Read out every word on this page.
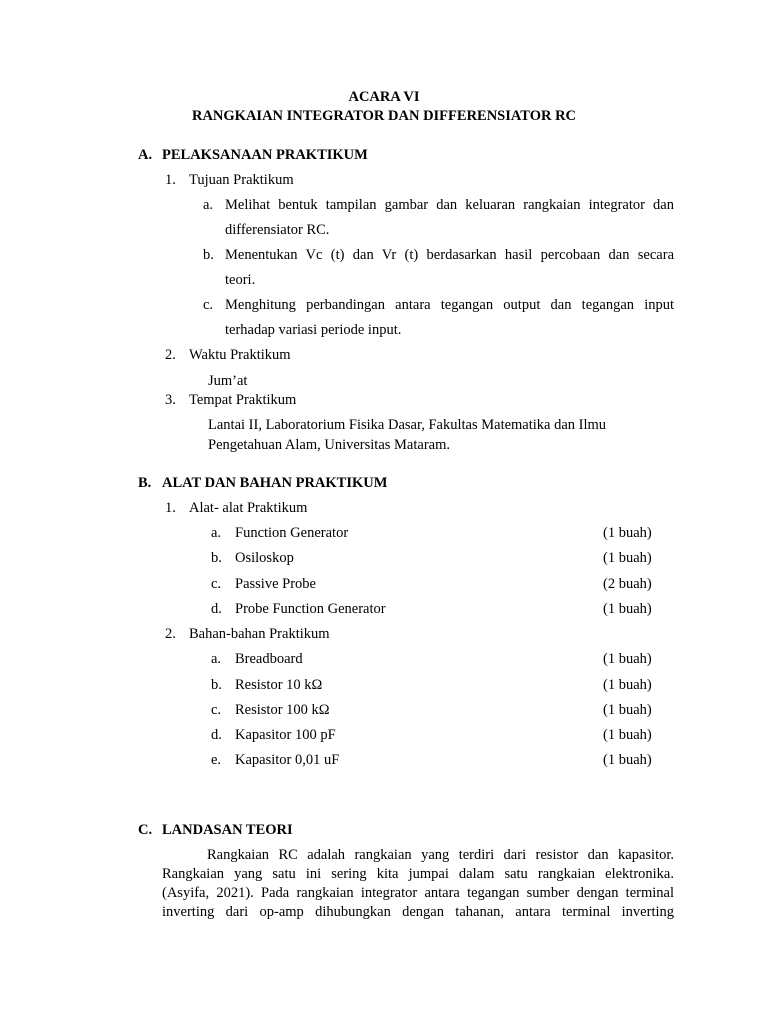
ACARA VI
RANGKAIAN INTEGRATOR DAN DIFFERENSIATOR RC
A. PELAKSANAAN PRAKTIKUM
1. Tujuan Praktikum
a. Melihat bentuk tampilan gambar dan keluaran rangkaian integrator dan
differensiator RC.
b. Menentukan Vc (t) dan Vr (t) berdasarkan hasil percobaan dan secara
teori.
c. Menghitung perbandingan antara tegangan output dan tegangan input
terhadap variasi periode input.
2. Waktu Praktikum
Jum’at
3. Tempat Praktikum
Lantai II, Laboratorium Fisika Dasar, Fakultas Matematika dan Ilmu
Pengetahuan Alam, Universitas Mataram.
B. ALAT DAN BAHAN PRAKTIKUM
1. Alat- alat Praktikum
a. Function Generator	(1 buah)
b. Osiloskop	(1 buah)
c. Passive Probe	(2 buah)
d. Probe Function Generator	(1 buah)
2. Bahan-bahan Praktikum
a. Breadboard	(1 buah)
b. Resistor 10 kΩ	(1 buah)
c. Resistor 100 kΩ	(1 buah)
d. Kapasitor 100 pF	(1 buah)
e. Kapasitor 0,01 uF	(1 buah)
C. LANDASAN TEORI
Rangkaian RC adalah rangkaian yang terdiri dari resistor dan kapasitor.
Rangkaian yang satu ini sering kita jumpai dalam satu rangkaian elektronika.
(Asyifa, 2021). Pada rangkaian integrator antara tegangan sumber dengan terminal
inverting dari op-amp dihubungkan dengan tahanan, antara terminal inverting
